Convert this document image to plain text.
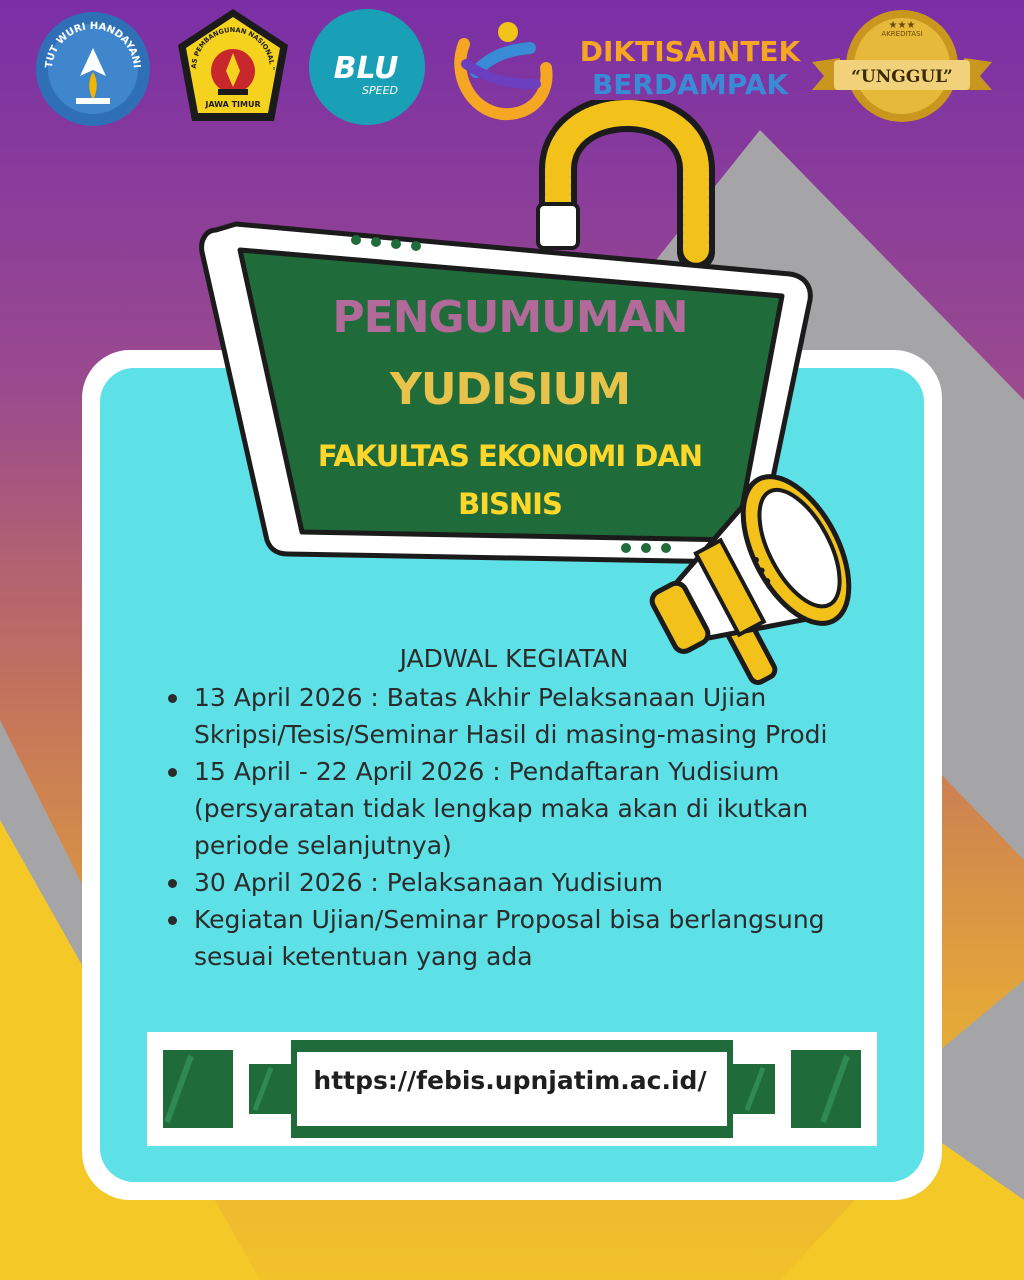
TUT WURI HANDAYANI	AS PEMBANGUNAN NASIONAL "
JAWA TIMUR
BLU
SPEED
DIKTISAINTEK
BERDAMPAK
AKREDITASI
“UNGGUL”
★★★
PENGUMUMAN
YUDISIUM
FAKULTAS EKONOMI DAN
BISNIS
JADWAL KEGIATAN
13 April 2026 : Batas Akhir Pelaksanaan Ujian Skripsi/Tesis/Seminar Hasil di masing-masing Prodi
15 April - 22 April 2026 : Pendaftaran Yudisium (persyaratan tidak lengkap maka akan di ikutkan periode selanjutnya)
30 April 2026 : Pelaksanaan Yudisium
Kegiatan Ujian/Seminar Proposal bisa berlangsung sesuai ketentuan yang ada
https://febis.upnjatim.ac.id/
